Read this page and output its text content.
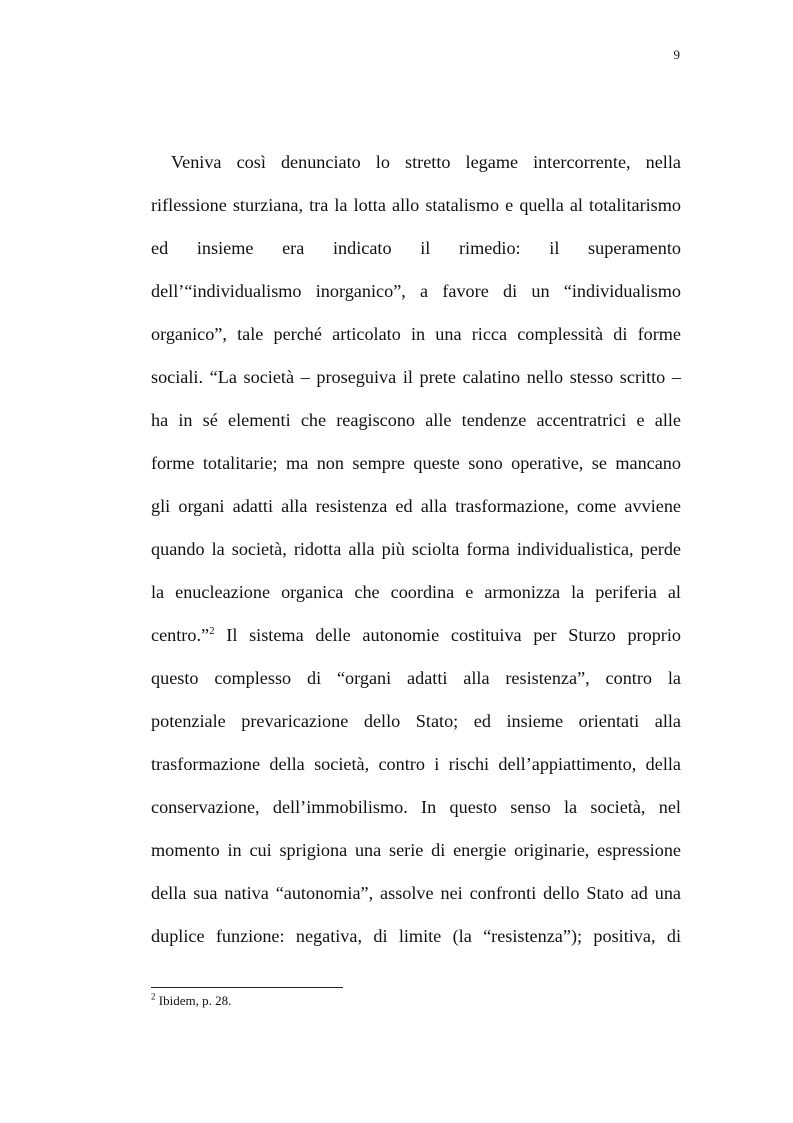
9
Veniva così denunciato lo stretto legame intercorrente, nella
riflessione sturziana, tra la lotta allo statalismo e quella al totalitarismo
ed insieme era indicato il rimedio: il superamento
dell’“individualismo inorganico”, a favore di un “individualismo
organico”, tale perché articolato in una ricca complessità di forme
sociali. “La società – proseguiva il prete calatino nello stesso scritto –
ha in sé elementi che reagiscono alle tendenze accentratrici e alle
forme totalitarie; ma non sempre queste sono operative, se mancano
gli organi adatti alla resistenza ed alla trasformazione, come avviene
quando la società, ridotta alla più sciolta forma individualistica, perde
la enucleazione organica che coordina e armonizza la periferia al
centro.”$^2$ Il sistema delle autonomie costituiva per Sturzo proprio
questo complesso di “organi adatti alla resistenza”, contro la
potenziale prevaricazione dello Stato; ed insieme orientati alla
trasformazione della società, contro i rischi dell’appiattimento, della
conservazione, dell’immobilismo. In questo senso la società, nel
momento in cui sprigiona una serie di energie originarie, espressione
della sua nativa “autonomia”, assolve nei confronti dello Stato ad una
duplice funzione: negativa, di limite (la “resistenza”); positiva, di
$^2$ Ibidem, p. 28.
